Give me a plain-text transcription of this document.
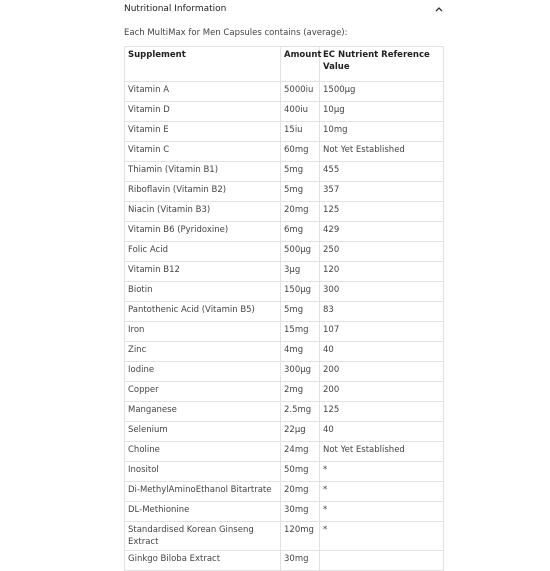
Nutritional Information
Each MultiMax for Men Capsules contains (average):
Supplement	Amount	EC Nutrient Reference Value
Vitamin A	5000iu	1500μg
Vitamin D	400iu	10μg
Vitamin E	15iu	10mg
Vitamin C	60mg	Not Yet Established
Thiamin (Vitamin B1)	5mg	455
Riboflavin (Vitamin B2)	5mg	357
Niacin (Vitamin B3)	20mg	125
Vitamin B6 (Pyridoxine)	6mg	429
Folic Acid	500μg	250
Vitamin B12	3μg	120
Biotin	150μg	300
Pantothenic Acid (Vitamin B5)	5mg	83
Iron	15mg	107
Zinc	4mg	40
Iodine	300μg	200
Copper	2mg	200
Manganese	2.5mg	125
Selenium	22μg	40
Choline	24mg	Not Yet Established
Inositol	50mg	*
Di-MethylAminoEthanol Bitartrate	20mg	*
DL-Methionine	30mg	*
Standardised Korean Ginseng Extract	120mg	*
Ginkgo Biloba Extract	30mg	
